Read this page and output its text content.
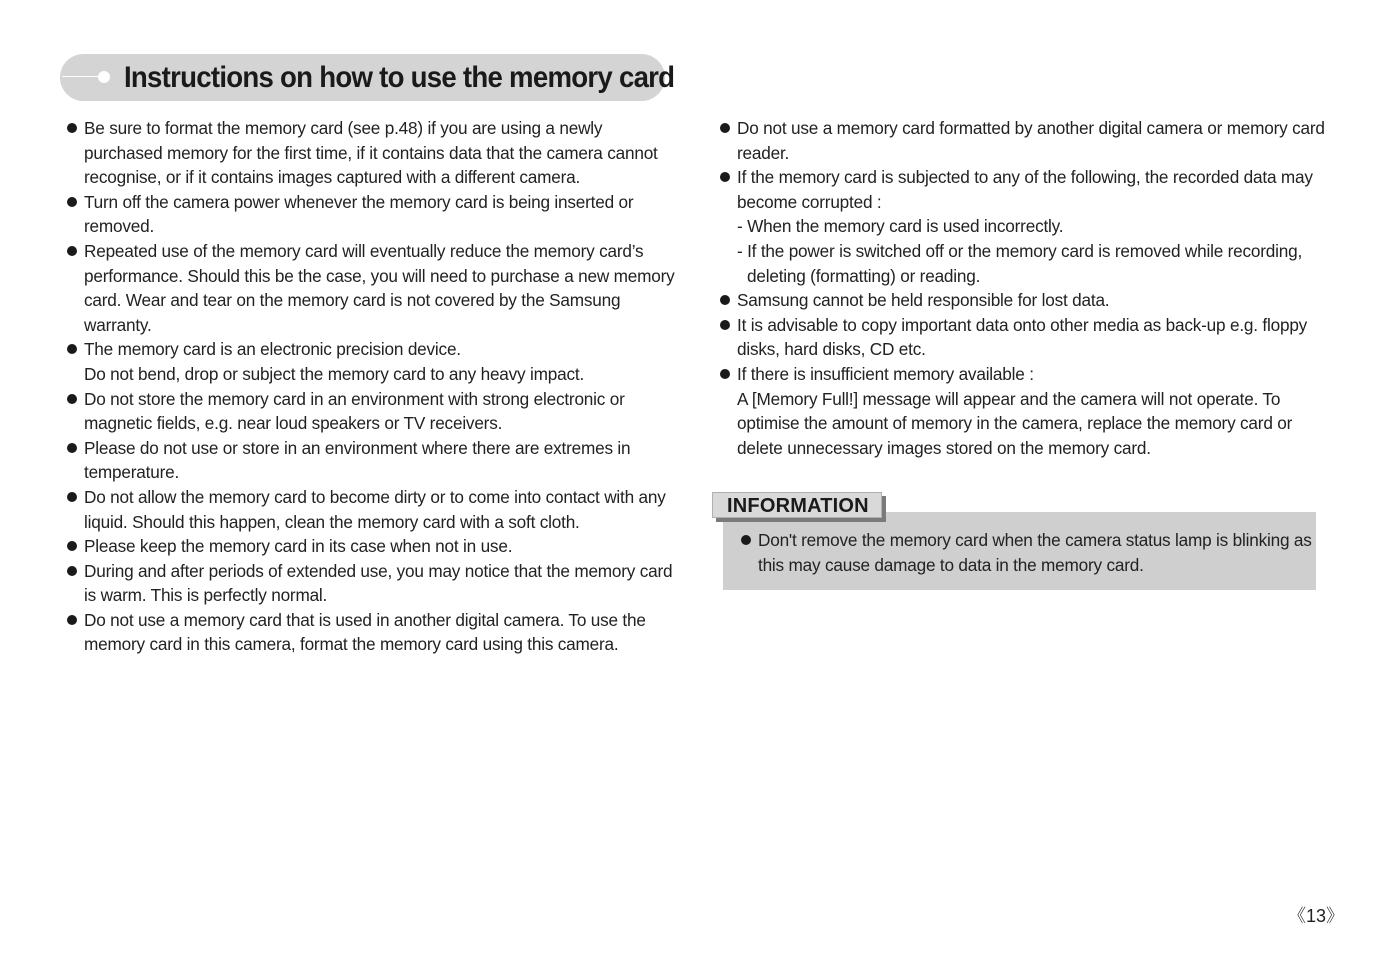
Instructions on how to use the memory card
Be sure to format the memory card (see p.48) if you are using a newly
purchased memory for the first time, if it contains data that the camera cannot
recognise, or if it contains images captured with a different camera.
Turn off the camera power whenever the memory card is being inserted or
removed.
Repeated use of the memory card will eventually reduce the memory card’s
performance. Should this be the case, you will need to purchase a new memory
card. Wear and tear on the memory card is not covered by the Samsung
warranty.
The memory card is an electronic precision device.
Do not bend, drop or subject the memory card to any heavy impact.
Do not store the memory card in an environment with strong electronic or
magnetic fields, e.g. near loud speakers or TV receivers.
Please do not use or store in an environment where there are extremes in
temperature.
Do not allow the memory card to become dirty or to come into contact with any
liquid. Should this happen, clean the memory card with a soft cloth.
Please keep the memory card in its case when not in use.
During and after periods of extended use, you may notice that the memory card
is warm. This is perfectly normal.
Do not use a memory card that is used in another digital camera. To use the
memory card in this camera, format the memory card using this camera.
Do not use a memory card formatted by another digital camera or memory card
reader.
If the memory card is subjected to any of the following, the recorded data may
become corrupted :
- When the memory card is used incorrectly.
- If the power is switched off or the memory card is removed while recording,
deleting (formatting) or reading.
Samsung cannot be held responsible for lost data.
It is advisable to copy important data onto other media as back-up e.g. floppy
disks, hard disks, CD etc.
If there is insufficient memory available :
A [Memory Full!] message will appear and the camera will not operate. To
optimise the amount of memory in the camera, replace the memory card or
delete unnecessary images stored on the memory card.
INFORMATION
Don't remove the memory card when the camera status lamp is blinking as
this may cause damage to data in the memory card.
《13》
